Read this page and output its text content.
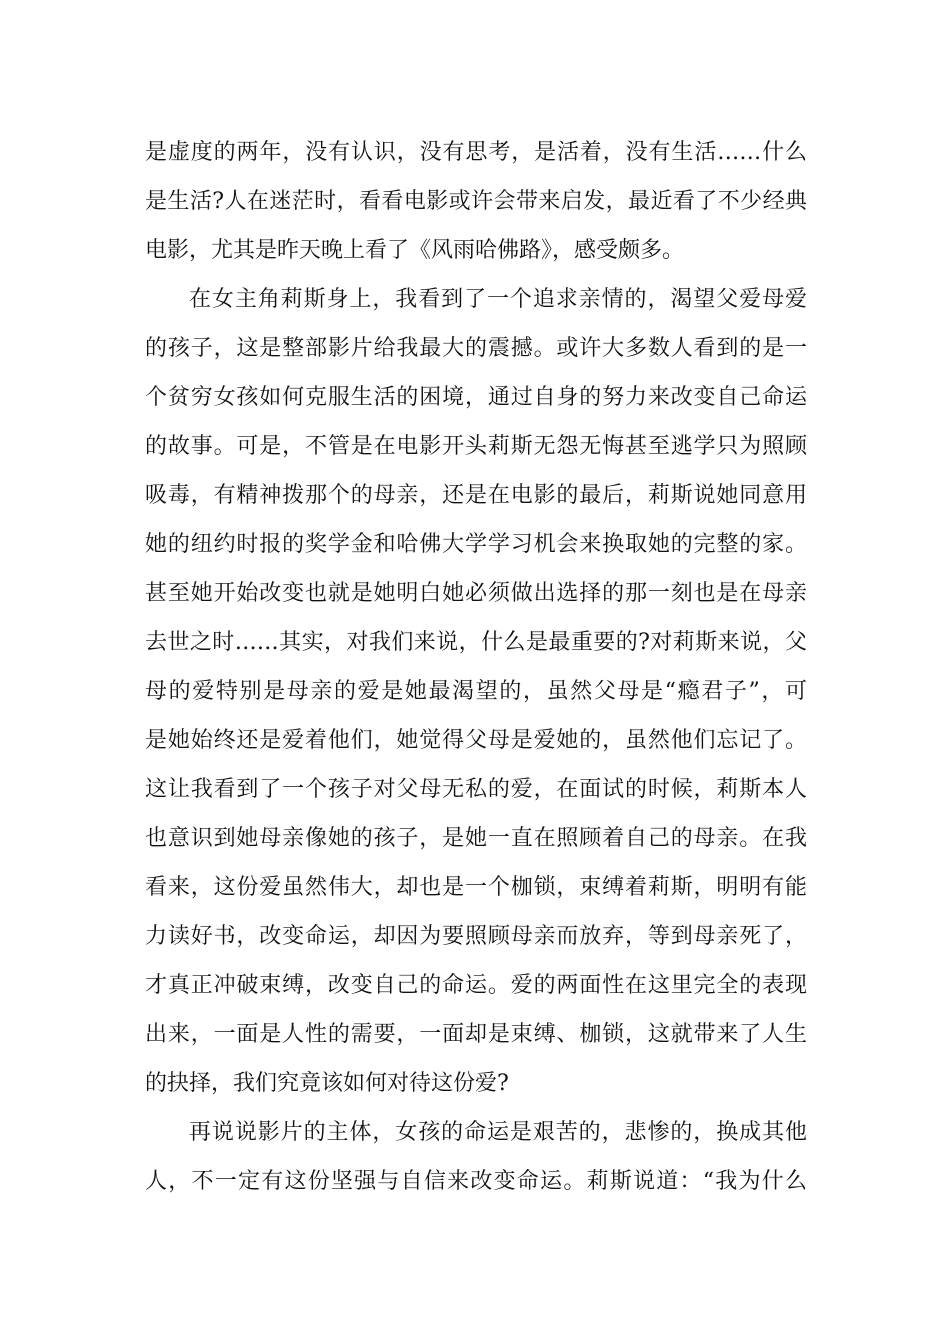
是虚度的两年，没有认识，没有思考，是活着，没有生活……什么
是生活?人在迷茫时，看看电影或许会带来启发，最近看了不少经典
电影，尤其是昨天晚上看了《风雨哈佛路》，感受颇多。
在女主角莉斯身上，我看到了一个追求亲情的，渴望父爱母爱
的孩子，这是整部影片给我最大的震撼。或许大多数人看到的是一
个贫穷女孩如何克服生活的困境，通过自身的努力来改变自己命运
的故事。可是，不管是在电影开头莉斯无怨无悔甚至逃学只为照顾
吸毒，有精神拨那个的母亲，还是在电影的最后，莉斯说她同意用
她的纽约时报的奖学金和哈佛大学学习机会来换取她的完整的家。
甚至她开始改变也就是她明白她必须做出选择的那一刻也是在母亲
去世之时……其实，对我们来说，什么是最重要的?对莉斯来说，父
母的爱特别是母亲的爱是她最渴望的，虽然父母是“瘾君子”，可
是她始终还是爱着他们，她觉得父母是爱她的，虽然他们忘记了。
这让我看到了一个孩子对父母无私的爱，在面试的时候，莉斯本人
也意识到她母亲像她的孩子，是她一直在照顾着自己的母亲。在我
看来，这份爱虽然伟大，却也是一个枷锁，束缚着莉斯，明明有能
力读好书，改变命运，却因为要照顾母亲而放弃，等到母亲死了，
才真正冲破束缚，改变自己的命运。爱的两面性在这里完全的表现
出来，一面是人性的需要，一面却是束缚、枷锁，这就带来了人生
的抉择，我们究竟该如何对待这份爱?
再说说影片的主体，女孩的命运是艰苦的，悲惨的，换成其他
人，不一定有这份坚强与自信来改变命运。莉斯说道：“我为什么
